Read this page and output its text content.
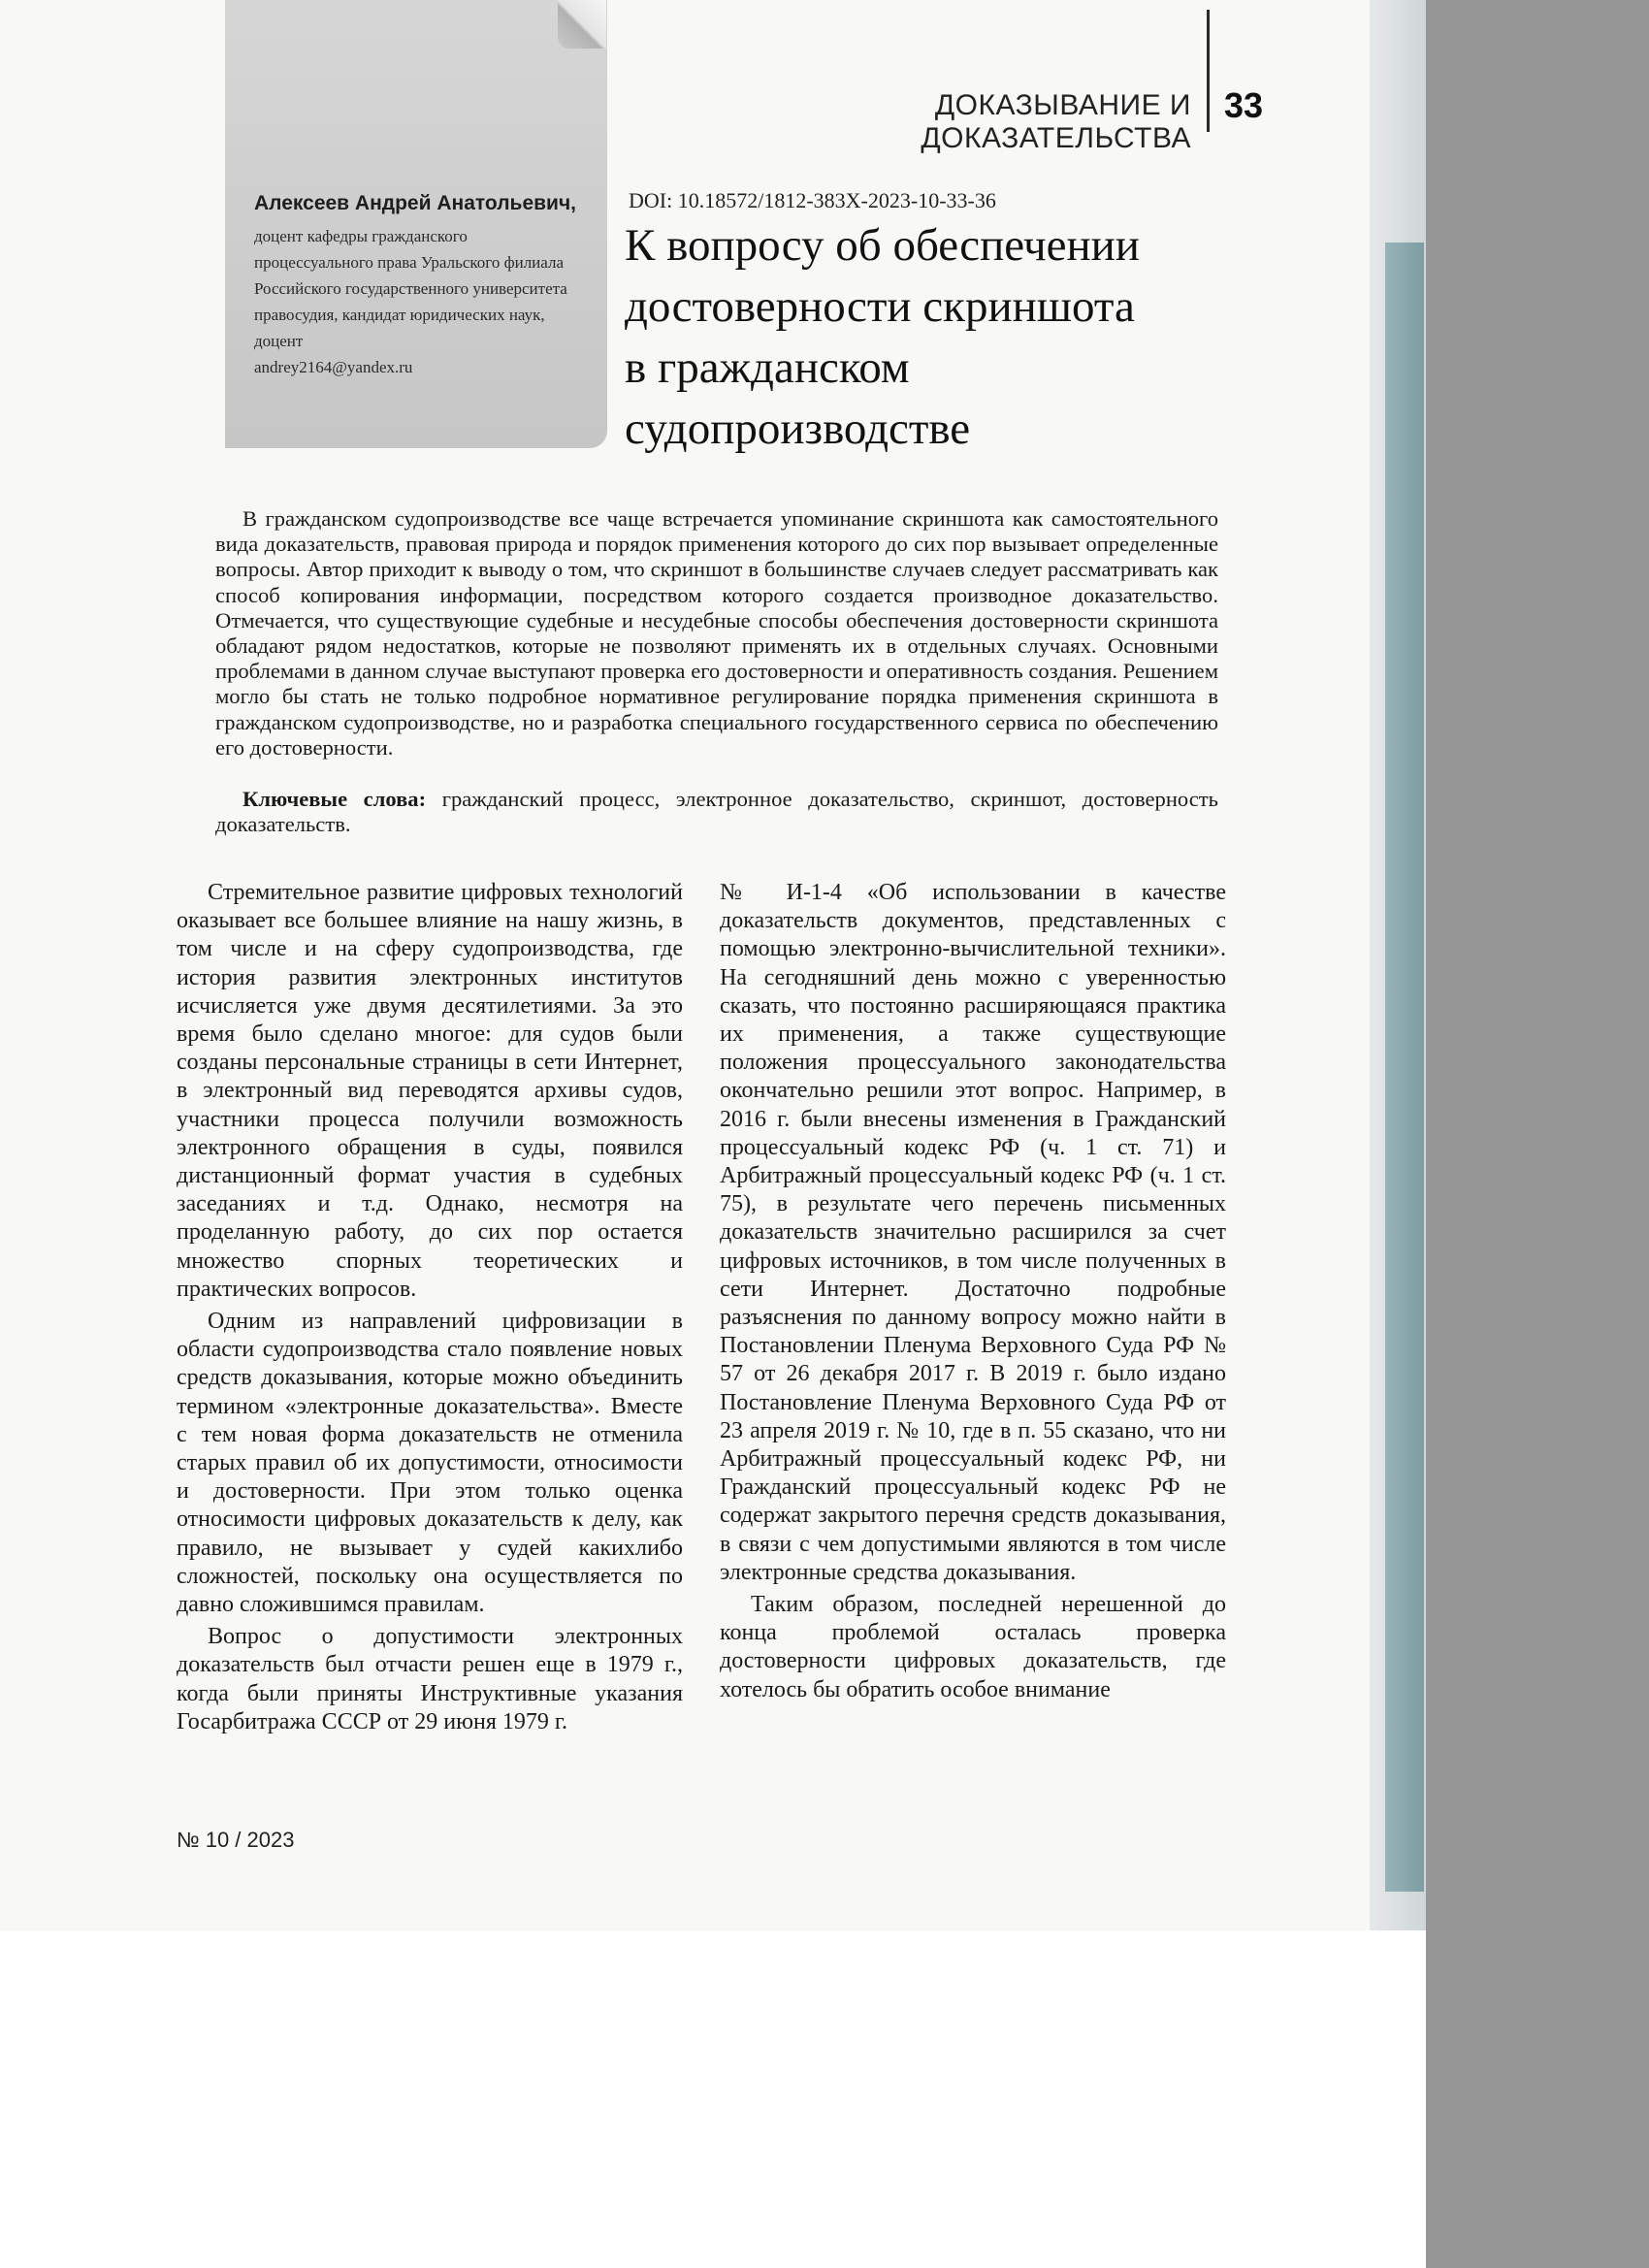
ДОКАЗЫВАНИЕ И ДОКАЗАТЕЛЬСТВА
33
Алексеев Андрей Анатольевич,
доцент кафедры гражданского
процессуального права Уральского филиала
Российского государственного университета
правосудия, кандидат юридических наук,
доцент
andrey2164@yandex.ru
DOI: 10.18572/1812-383X-2023-10-33-36
К вопросу об обеспечении
достоверности скриншота
в гражданском
судопроизводстве
В гражданском судопроизводстве все чаще встречается упоминание скриншота как самостоятельного вида доказательств, правовая природа и порядок применения которого до сих пор вызывает определенные вопросы. Автор приходит к выводу о том, что скриншот в большинстве случаев следует рассматривать как способ копирования информации, посредством которого создается производное доказательство. Отмечается, что существующие судебные и несудебные способы обеспечения достоверности скриншота обладают рядом недостатков, которые не позволяют применять их в отдельных случаях. Основными проблемами в данном случае выступают проверка его достоверности и оперативность создания. Решением могло бы стать не только подробное нормативное регулирование порядка применения скриншота в гражданском судопроизводстве, но и разработка специального государственного сервиса по обеспечению его достоверности.
Ключевые слова: гражданский процесс, электронное доказательство, скриншот, достоверность доказательств.

Стремительное развитие цифровых технологий оказывает все большее влияние на нашу жизнь, в том числе и на сферу судопроизводства, где история развития электронных институтов исчисляется уже двумя десятилетиями. За это время было сделано многое: для судов были созданы персональные страницы в сети Интернет, в электронный вид переводятся архивы судов, участники процесса получили возможность электронного обращения в суды, появился дистанционный формат участия в судебных заседаниях и т.д. Однако, несмотря на проделанную работу, до сих пор остается множество спорных теоретических и практических вопросов.

Одним из направлений цифровизации в области судопроизводства стало появление новых средств доказывания, которые можно объединить термином «электронные доказательства». Вместе с тем новая форма доказательств не отменила старых правил об их допустимости, относимости и достоверности. При этом только оценка относимости цифровых доказательств к делу, как правило, не вызывает у судей какихлибо сложностей, поскольку она осуществляется по давно сложившимся правилам.

Вопрос о допустимости электронных доказательств был отчасти решен еще в 1979 г., когда были приняты Инструктивные указания Госарбитража СССР от 29 июня 1979 г.

№ И-1-4 «Об использовании в качестве доказательств документов, представленных с помощью электронно-вычислительной техники». На сегодняшний день можно с уверенностью сказать, что постоянно расширяющаяся практика их применения, а также существующие положения процессуального законодательства окончательно решили этот вопрос. Например, в 2016 г. были внесены изменения в Гражданский процессуальный кодекс РФ (ч. 1 ст. 71) и Арбитражный процессуальный кодекс РФ (ч. 1 ст. 75), в результате чего перечень письменных доказательств значительно расширился за счет цифровых источников, в том числе полученных в сети Интернет. Достаточно подробные разъяснения по данному вопросу можно найти в Постановлении Пленума Верховного Суда РФ № 57 от 26 декабря 2017 г. В 2019 г. было издано Постановление Пленума Верховного Суда РФ от 23 апреля 2019 г. № 10, где в п. 55 сказано, что ни Арбитражный процессуальный кодекс РФ, ни Гражданский процессуальный кодекс РФ не содержат закрытого перечня средств доказывания, в связи с чем допустимыми являются в том числе электронные средства доказывания.

Таким образом, последней нерешенной до конца проблемой осталась проверка достоверности цифровых доказательств, где хотелось бы обратить особое внимание

№ 10 / 2023
